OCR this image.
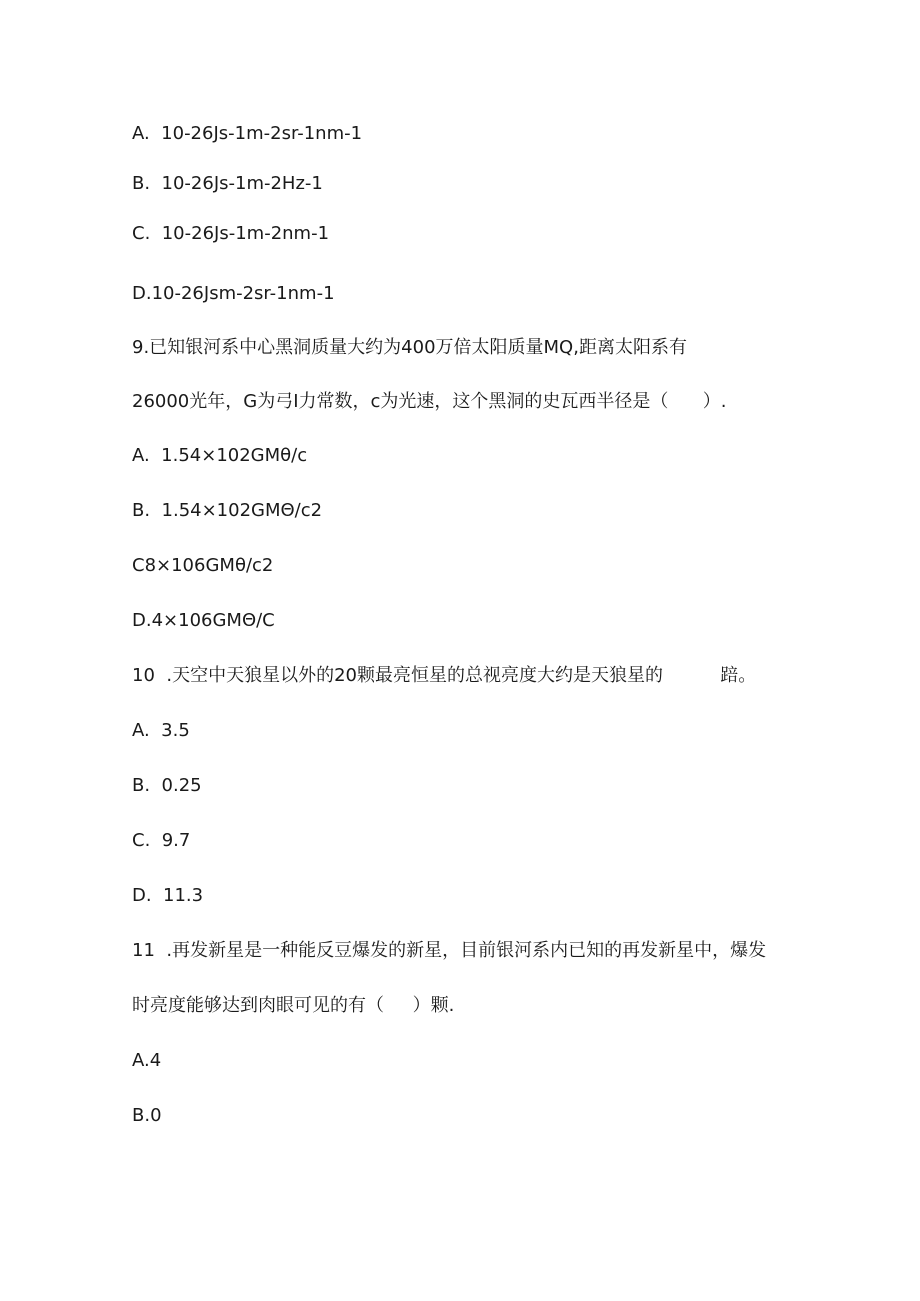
A.  10-26Js-1m-2sr-1nm-1

B.  10-26Js-1m-2Hz-1

C.  10-26Js-1m-2nm-1

D.10-26Jsm-2sr-1nm-1

9.已知银河系中心黑洞质量大约为400万倍太阳质量MQ,距离太阳系有

26000光年，G为弓I力常数，c为光速，这个黑洞的史瓦西半径是（      ）.

A.  1.54×102GMθ∕c

B.  1.54×102GMΘ∕c2

C8×106GMθ∕c2

D.4×106GMΘ∕C

10  .天空中天狼星以外的20颗最亮恒星的总视亮度大约是天狼星的          踣。

A.  3.5

B.  0.25

C.  9.7

D.  11.3

11  .再发新星是一种能反豆爆发的新星，目前银河系内已知的再发新星中，爆发

时亮度能够达到肉眼可见的有（     ）颗.

A.4

B.0
